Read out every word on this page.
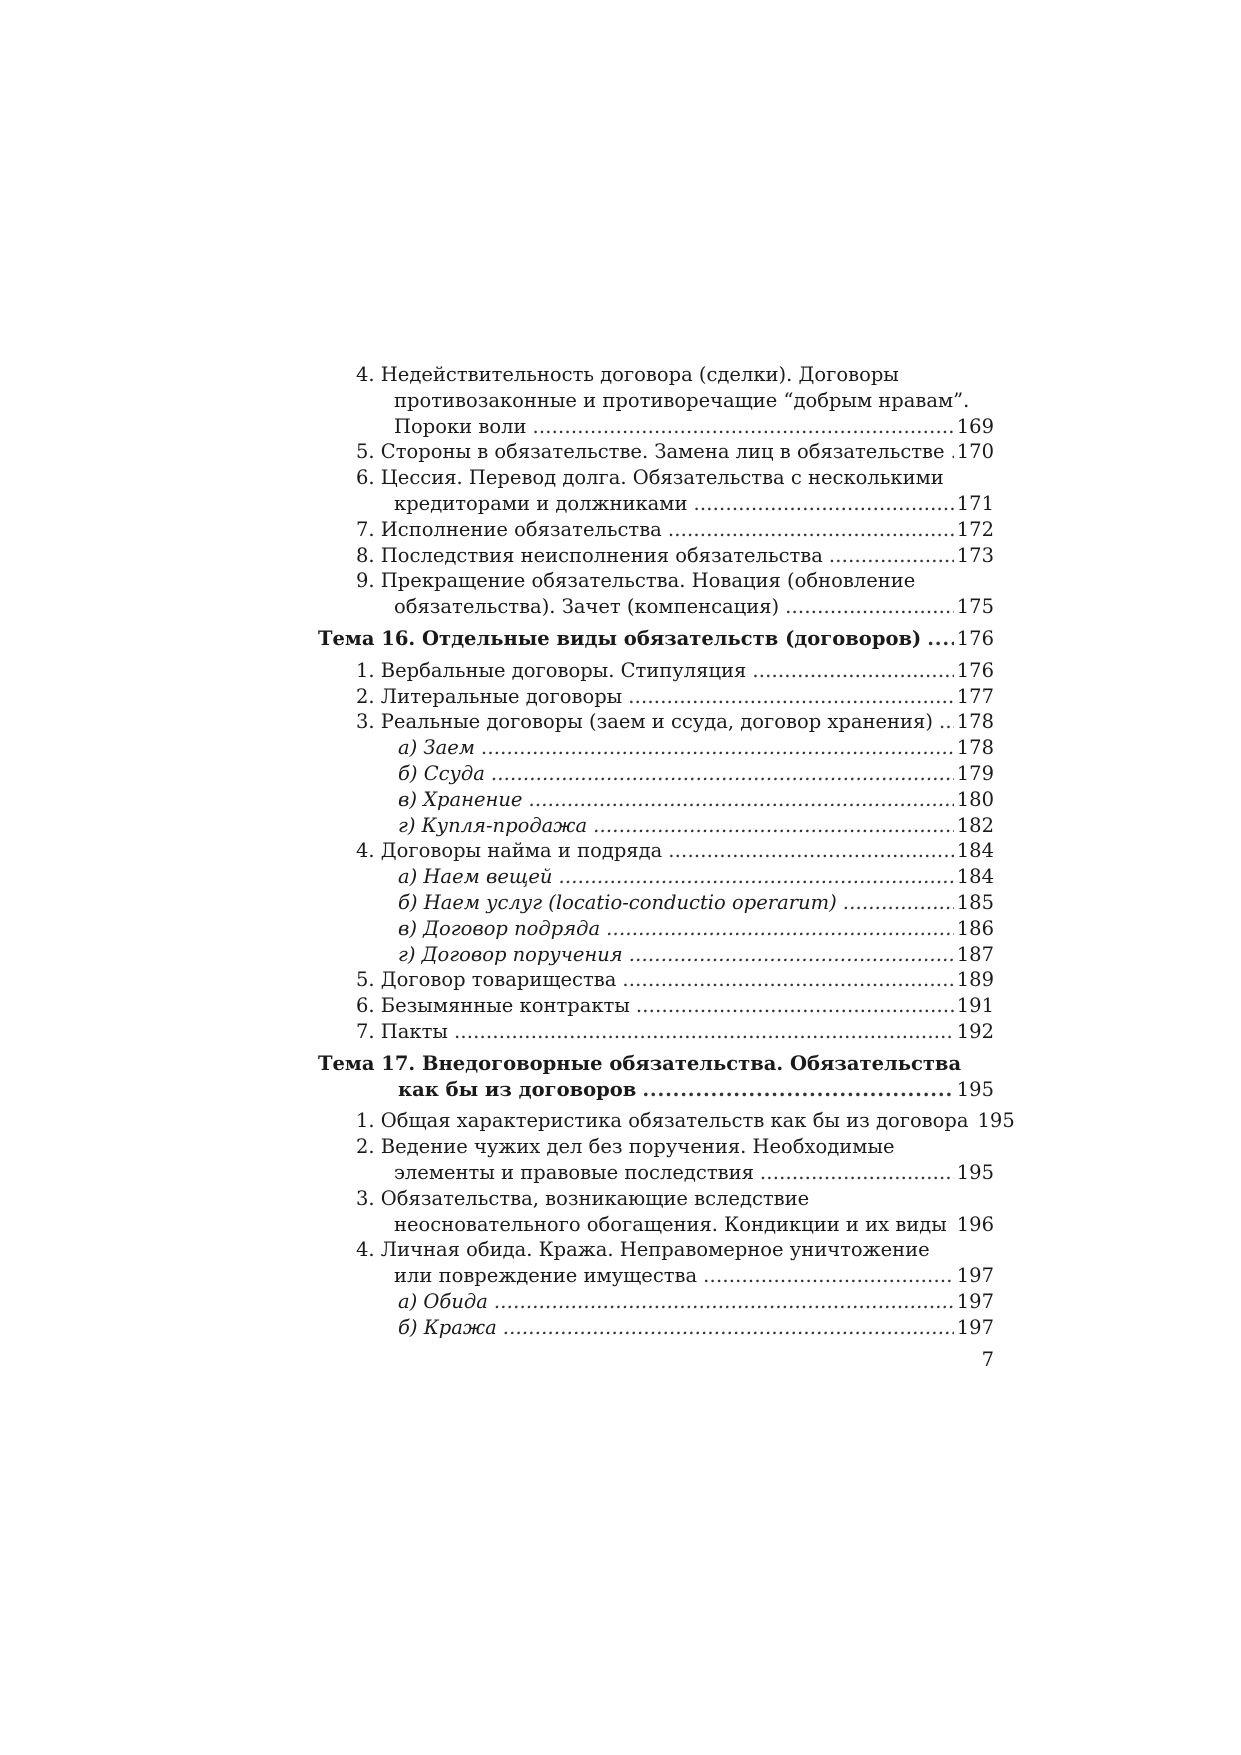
4. Недействительность договора (сделки). Договоры
противозаконные и противоречащие “добрым нравам”.
Пороки воли . . .	169
5. Стороны в обязательстве. Замена лиц в обязательстве . . . 170
6. Цессия. Перевод долга. Обязательства с несколькими
кредиторами и должниками . . .	171
7. Исполнение обязательства . . .	172
8. Последствия неисполнения обязательства . . .	173
9. Прекращение обязательства. Новация (обновление
обязательства). Зачет (компенсация) . . .	175
Тема 16. Отдельные виды обязательств (договоров) . . . 176
1. Вербальные договоры. Стипуляция . . .	176
2. Литеральные договоры . . .	177
3. Реальные договоры (заем и ссуда, договор хранения) . . . 178
а) Заем . . .	178
б) Ссуда . . .	179
в) Хранение . . .	180
г) Купля-продажа . . .	182
4. Договоры найма и подряда . . .	184
а) Наем вещей . . .	184
б) Наем услуг (locatio-conductio operarum) . . .	185
в) Договор подряда . . .	186
г) Договор поручения . . .	187
5. Договор товарищества . . .	189
6. Безымянные контракты . . .	191
7. Пакты . . .	192
Тема 17. Внедоговорные обязательства. Обязательства
как бы из договоров . . .	195
1. Общая характеристика обязательств как бы из договора 195
2. Ведение чужих дел без поручения. Необходимые
элементы и правовые последствия . . .	195
3. Обязательства, возникающие вследствие
неосновательного обогащения. Кондикции и их виды . . . 196
4. Личная обида. Кража. Неправомерное уничтожение
или повреждение имущества . . .	197
а) Обида . . .	197
б) Кража . . .	197
7
